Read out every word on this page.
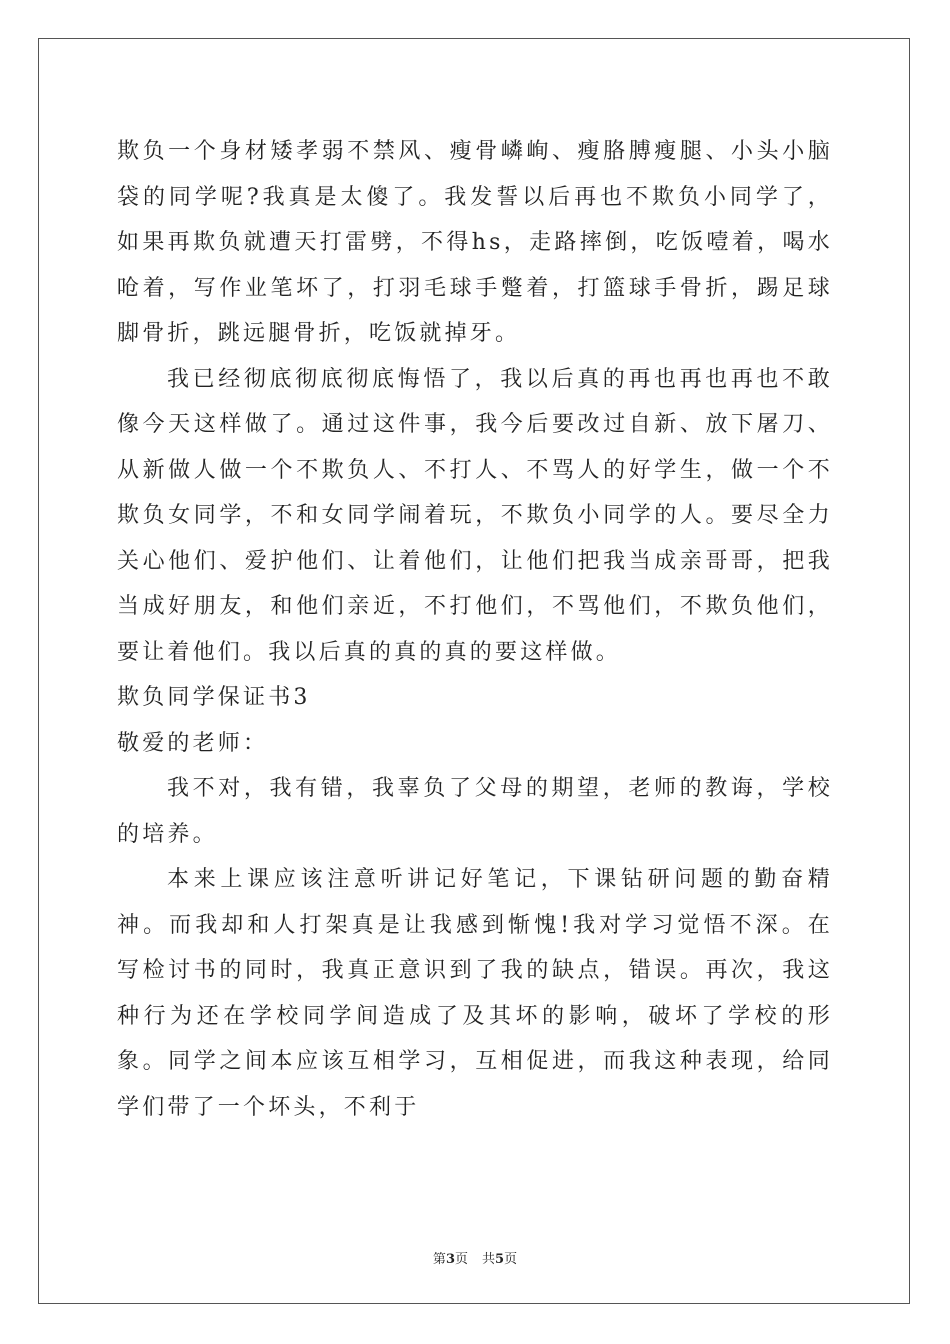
欺负一个身材矮孝弱不禁风、瘦骨嶙峋、瘦胳膊瘦腿、小头小脑袋的同学呢?我真是太傻了。我发誓以后再也不欺负小同学了，如果再欺负就遭天打雷劈，不得hs，走路摔倒，吃饭噎着，喝水呛着，写作业笔坏了，打羽毛球手蹩着，打篮球手骨折，踢足球脚骨折，跳远腿骨折，吃饭就掉牙。

我已经彻底彻底彻底悔悟了，我以后真的再也再也再也不敢像今天这样做了。通过这件事，我今后要改过自新、放下屠刀、从新做人做一个不欺负人、不打人、不骂人的好学生，做一个不欺负女同学，不和女同学闹着玩，不欺负小同学的人。要尽全力关心他们、爱护他们、让着他们，让他们把我当成亲哥哥，把我当成好朋友，和他们亲近，不打他们，不骂他们，不欺负他们，要让着他们。我以后真的真的真的要这样做。

欺负同学保证书3

敬爱的老师：

我不对，我有错，我辜负了父母的期望，老师的教诲，学校的培养。

本来上课应该注意听讲记好笔记，下课钻研问题的勤奋精神。而我却和人打架真是让我感到惭愧!我对学习觉悟不深。在写检讨书的同时，我真正意识到了我的缺点，错误。再次，我这种行为还在学校同学间造成了及其坏的影响，破坏了学校的形象。同学之间本应该互相学习，互相促进，而我这种表现，给同学们带了一个坏头，不利于

第3页 共5页
